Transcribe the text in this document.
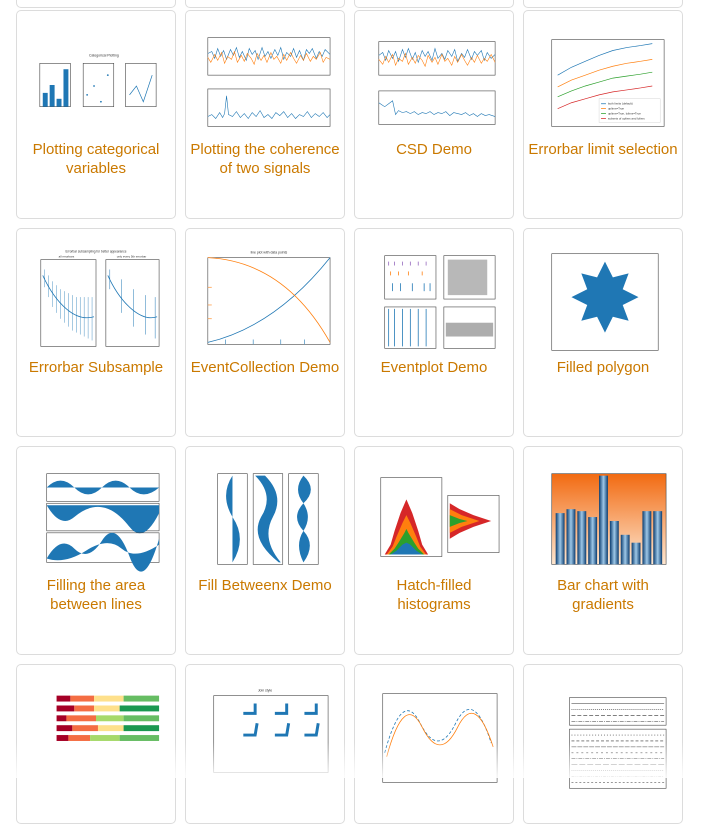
Categorical Plotting
Plotting categorical variables
Plotting the coherence of two signals
CSD Demo
both limits (default)
uplims=True
uplims=True, lolims=True
subsets of uplims and lolims
Errorbar limit selection
Errorbar subsampling for better appearance
all errorbars	only every 5th errorbar
Errorbar Subsample
line plot with data points
EventCollection Demo	Eventplot Demo	Filled polygon
Filling the area between lines
Fill Betweenx Demo	Hatch-filled histograms
Bar chart with gradients
Join style
